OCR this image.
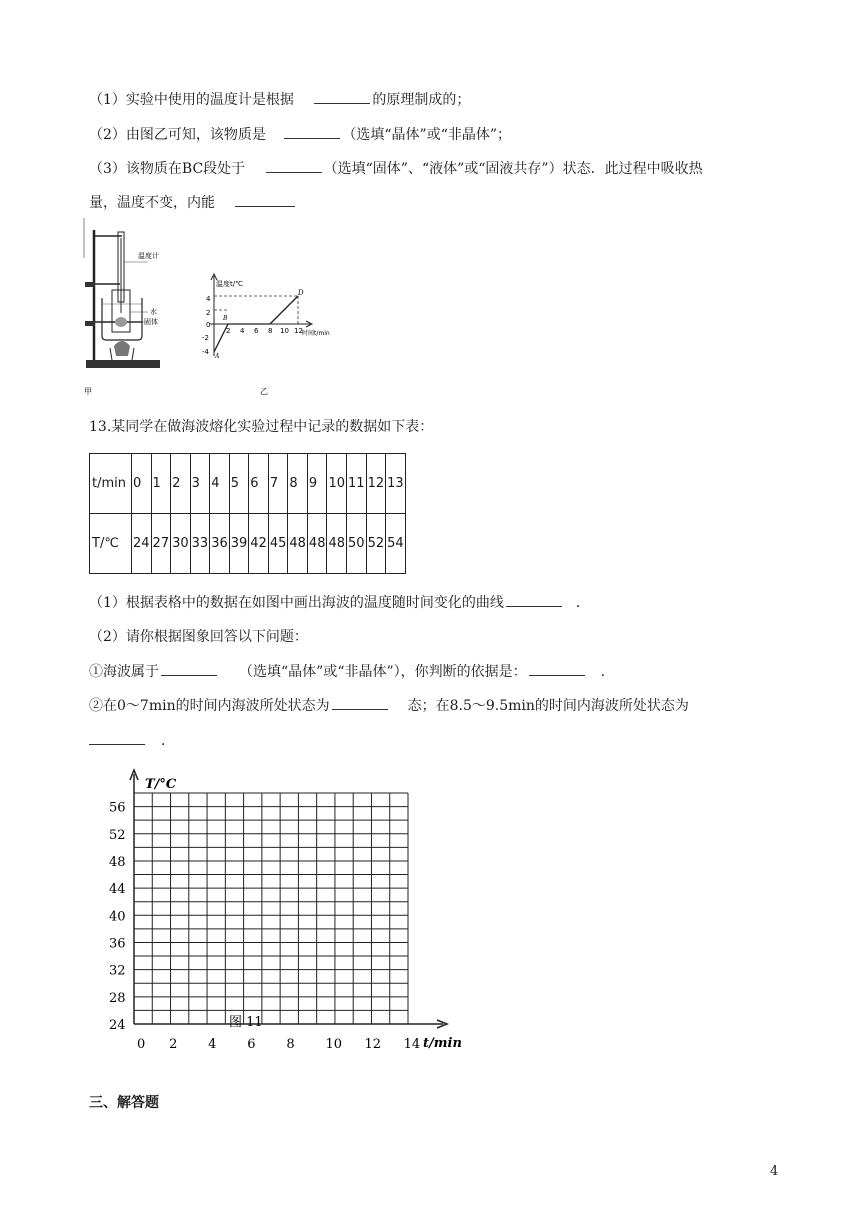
（1）实验中使用的温度计是根据	的原理制成的；
（2）由图乙可知，该物质是	（选填“晶体”或“非晶体”；
（3）该物质在BC段处于	（选填“固体”、“液体”或“固液共存”）状态．此过程中吸收热
量，温度不变，内能
温度计
水
固体
甲
温度t/℃
时间t/min
4
2
0
-2
-4
2 4 6 8 10 12
D
B
A
乙
13.某同学在做海波熔化实验过程中记录的数据如下表：
t/min	0	1	2	3	4	5	6	7	8	9	10	11	12	13
T/℃	24	27	30	33	36	39	42	45	48	48	48	50	52	54
（1）根据表格中的数据在如图中画出海波的温度随时间变化的曲线	．
（2）请你根据图象回答以下问题：
①海波属于	（选填“晶体”或“非晶体”），你判断的依据是：	．
②在0～7min的时间内海波所处状态为	态；在8.5～9.5min的时间内海波所处状态为
．
T/°C
t/min
56
52
48
44
40
36
32
28
24
0 2 4 6 8 10 12 14
图 11
三、解答题
4
